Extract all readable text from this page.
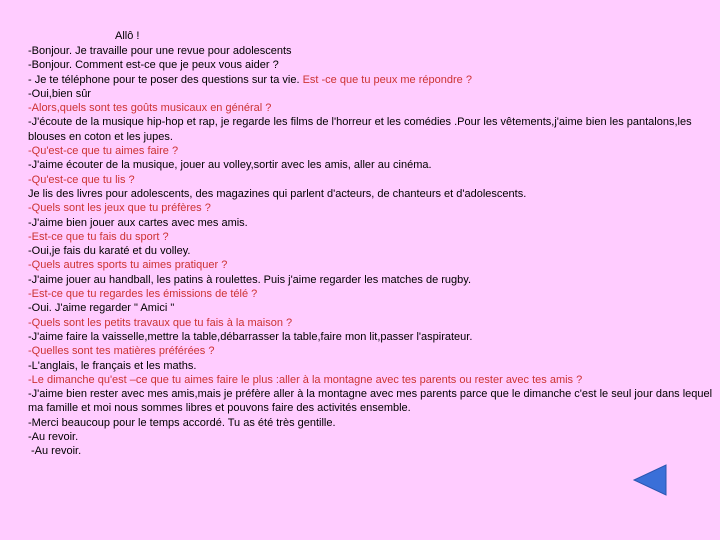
Allô !
-Bonjour. Je travaille pour une revue pour adolescents
-Bonjour. Comment est-ce que je peux vous aider ?
- Je te téléphone pour te poser des questions sur ta vie. Est -ce que tu peux me répondre ?
-Oui,bien sûr
-Alors,quels sont tes goûts musicaux en général ?
-J'écoute de la musique hip-hop et rap, je regarde les films de l'horreur et les comédies .Pour les vêtements,j'aime bien les pantalons,les blouses en coton et les jupes.
-Qu'est-ce que tu aimes faire ?
-J'aime écouter de la musique, jouer au volley,sortir avec les amis, aller au cinéma.
-Qu'est-ce que tu lis ?
Je lis des livres pour adolescents, des magazines qui parlent d'acteurs, de chanteurs et d'adolescents.
-Quels sont les jeux que tu préfères ?
-J'aime bien jouer aux cartes avec mes amis.
-Est-ce que tu fais du sport ?
-Oui,je fais du karaté et du volley.
-Quels autres sports tu aimes pratiquer ?
-J'aime jouer au handball, les patins à roulettes. Puis j'aime regarder les matches de rugby.
-Est-ce que tu regardes les émissions de télé ?
-Oui. J'aime regarder " Amici "
-Quels sont les petits travaux que tu fais à la maison ?
-J'aime faire la vaisselle,mettre la table,débarrasser la table,faire mon lit,passer l'aspirateur.
-Quelles sont tes matières préférées ?
-L'anglais, le français et les maths.
-Le dimanche qu'est –ce que tu aimes faire le plus :aller à la montagne avec tes parents ou rester avec tes amis ?
-J'aime bien rester avec mes amis,mais je préfère aller à la montagne avec mes parents parce que le dimanche c'est le seul jour dans lequel ma famille et moi nous sommes libres et pouvons faire des activités ensemble.
-Merci beaucoup pour le temps accordé. Tu as été très gentille.
-Au revoir.
-Au revoir.
